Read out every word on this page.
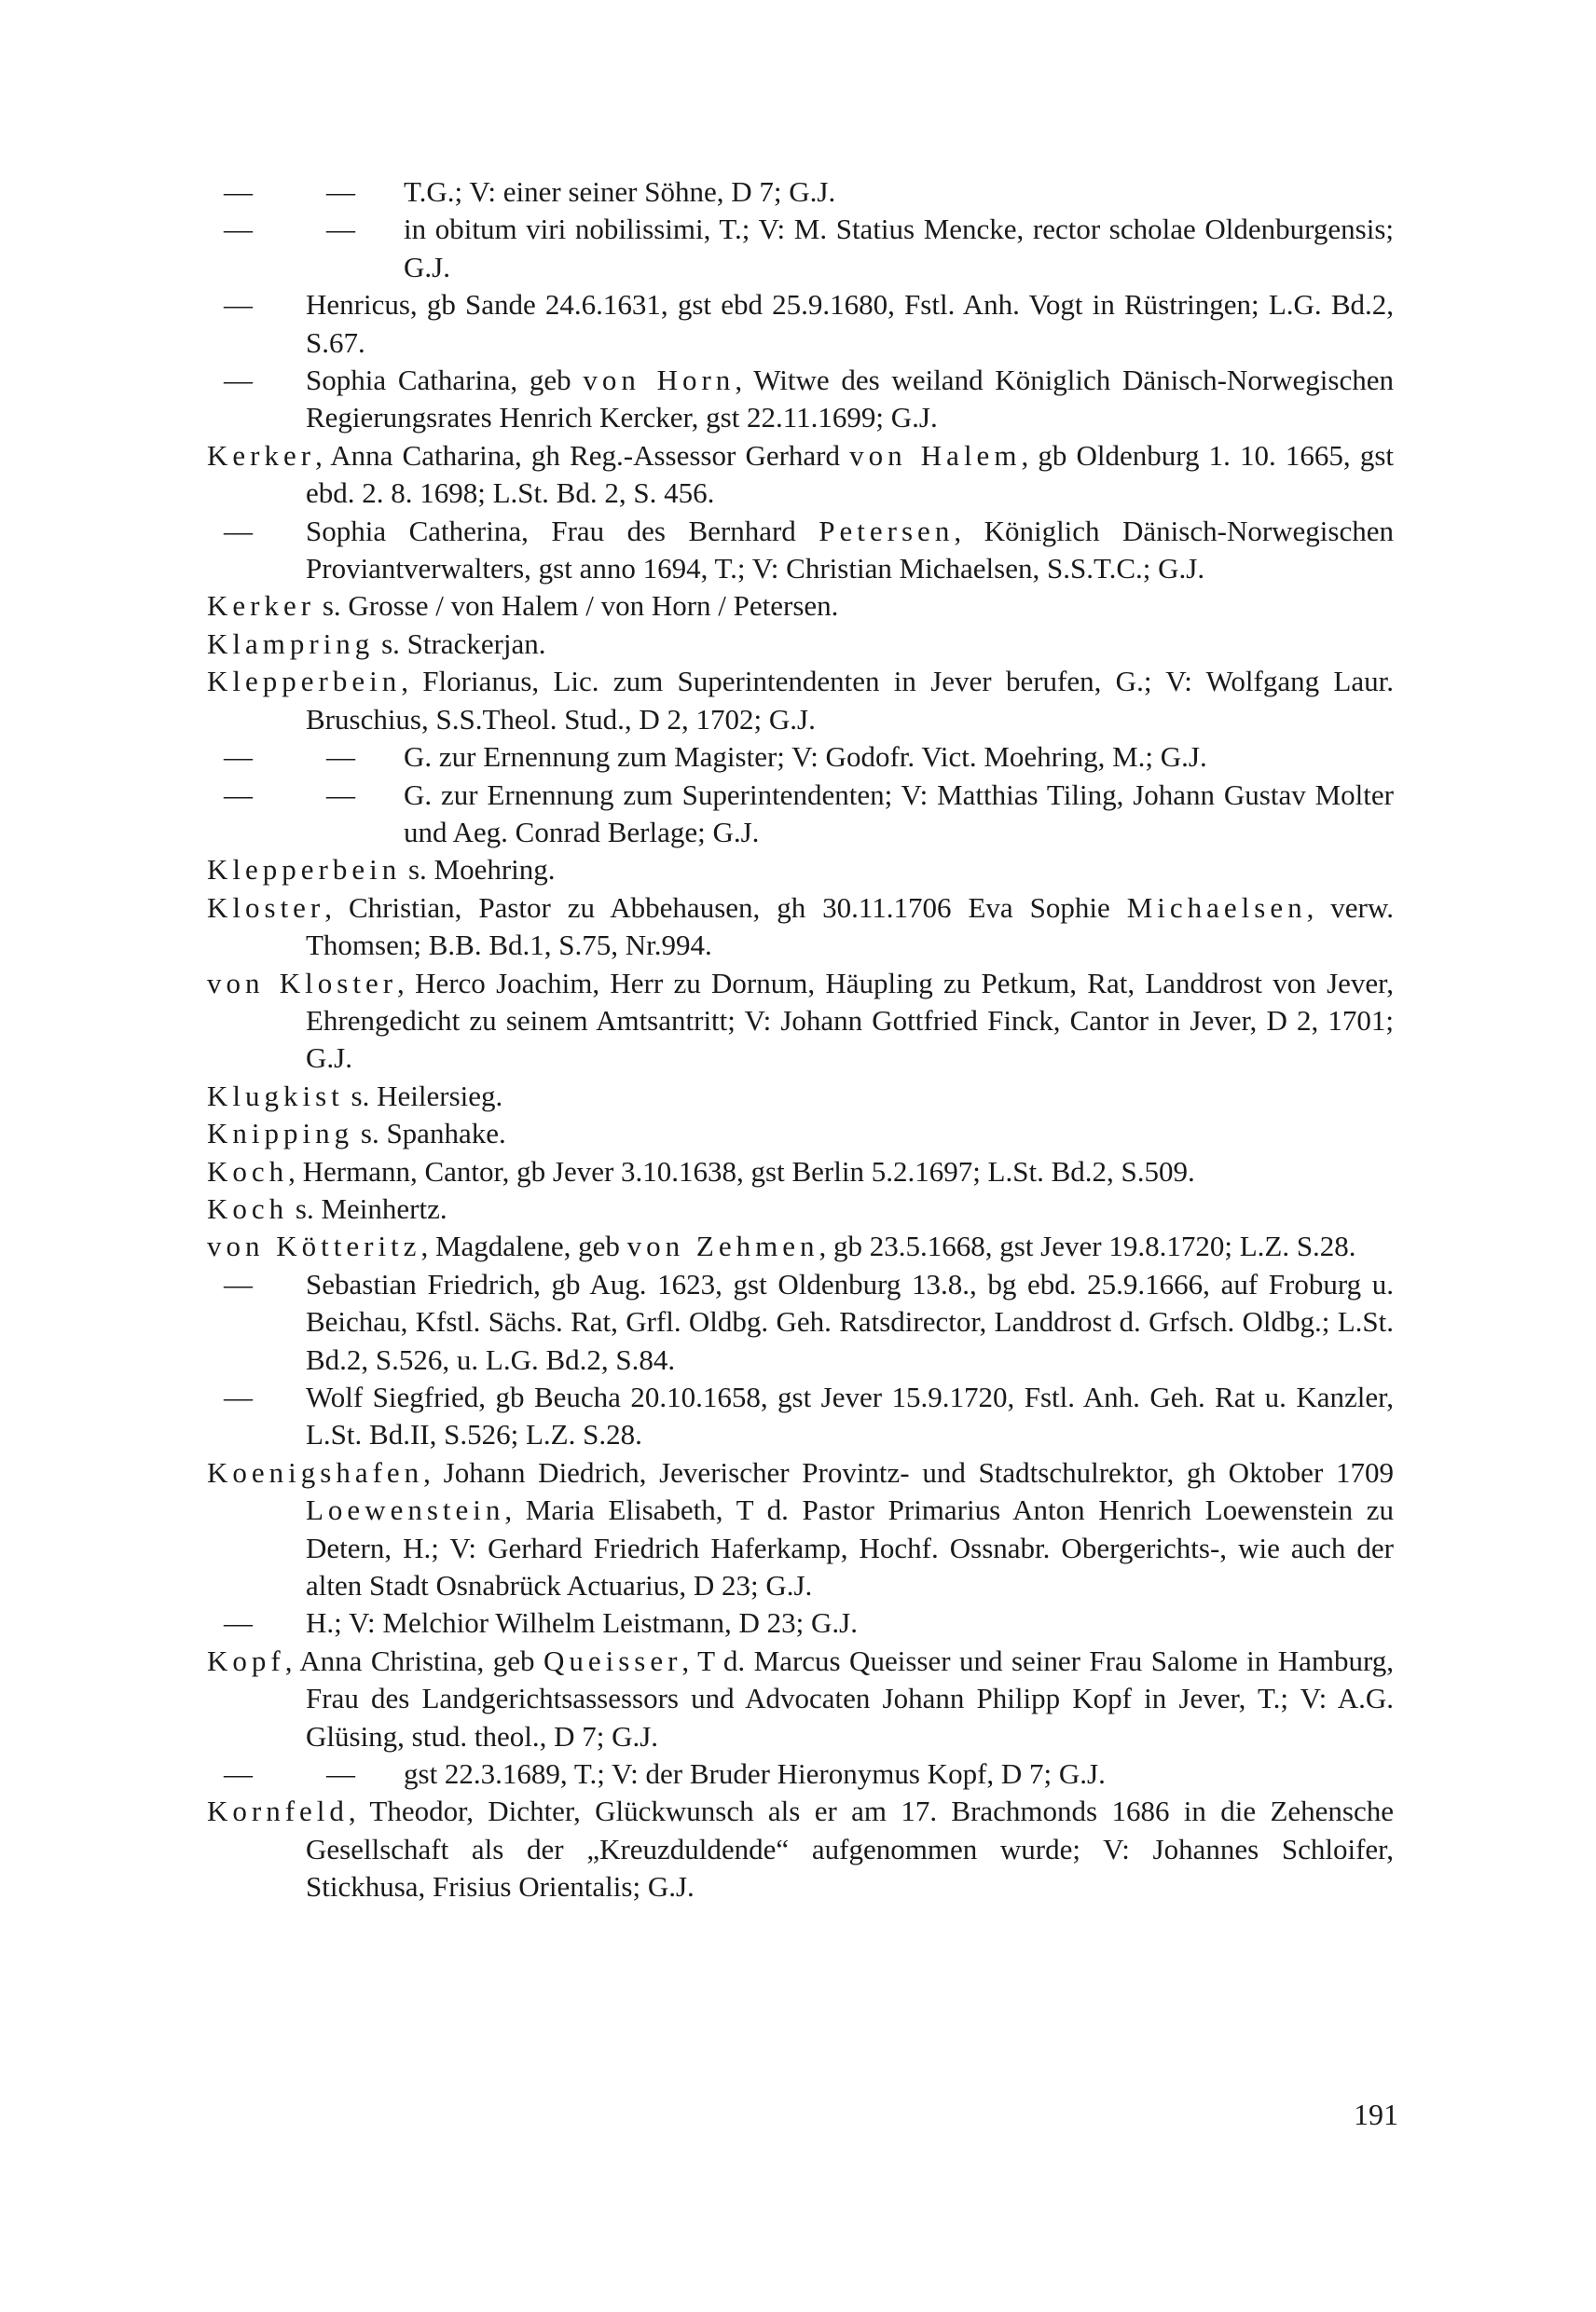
—	— T.G.; V: einer seiner Söhne, D 7; G.J.
—	— in obitum viri nobilissimi, T.; V: M. Statius Mencke, rector scholae Oldenburgensis; G.J.
— Henricus, gb Sande 24.6.1631, gst ebd 25.9.1680, Fstl. Anh. Vogt in Rüstringen; L.G. Bd.2, S.67.
— Sophia Catharina, geb von Horn, Witwe des weiland Königlich Dänisch-Norwegischen Regierungsrates Henrich Kercker, gst 22.11.1699; G.J.
Kerker, Anna Catharina, gh Reg.-Assessor Gerhard von Halem, gb Oldenburg 1. 10. 1665, gst ebd. 2. 8. 1698; L.St. Bd. 2, S. 456.
— Sophia Catherina, Frau des Bernhard Petersen, Königlich Dänisch-Norwegischen Proviantverwalters, gst anno 1694, T.; V: Christian Michaelsen, S.S.T.C.; G.J.
Kerker s. Grosse / von Halem / von Horn / Petersen.
Klampring s. Strackerjan.
Klepperbein, Florianus, Lic. zum Superintendenten in Jever berufen, G.; V: Wolfgang Laur. Bruschius, S.S.Theol. Stud., D 2, 1702; G.J.
—	— G. zur Ernennung zum Magister; V: Godofr. Vict. Moehring, M.; G.J.
—	— G. zur Ernennung zum Superintendenten; V: Matthias Tiling, Johann Gustav Molter und Aeg. Conrad Berlage; G.J.
Klepperbein s. Moehring.
Kloster, Christian, Pastor zu Abbehausen, gh 30.11.1706 Eva Sophie Michaelsen, verw. Thomsen; B.B. Bd.1, S.75, Nr.994.
von Kloster, Herco Joachim, Herr zu Dornum, Häupling zu Petkum, Rat, Landdrost von Jever, Ehrengedicht zu seinem Amtsantritt; V: Johann Gottfried Finck, Cantor in Jever, D 2, 1701; G.J.
Klugkist s. Heilersieg.
Knipping s. Spanhake.
Koch, Hermann, Cantor, gb Jever 3.10.1638, gst Berlin 5.2.1697; L.St. Bd.2, S.509.
Koch s. Meinhertz.
von Kötteritz, Magdalene, geb von Zehmen, gb 23.5.1668, gst Jever 19.8.1720; L.Z. S.28.
— Sebastian Friedrich, gb Aug. 1623, gst Oldenburg 13.8., bg ebd. 25.9.1666, auf Froburg u. Beichau, Kfstl. Sächs. Rat, Grfl. Oldbg. Geh. Ratsdirector, Landdrost d. Grfsch. Oldbg.; L.St. Bd.2, S.526, u. L.G. Bd.2, S.84.
— Wolf Siegfried, gb Beucha 20.10.1658, gst Jever 15.9.1720, Fstl. Anh. Geh. Rat u. Kanzler, L.St. Bd.II, S.526; L.Z. S.28.
Koenigshafen, Johann Diedrich, Jeverischer Provintz- und Stadtschulrektor, gh Oktober 1709 Loewenstein, Maria Elisabeth, T d. Pastor Primarius Anton Henrich Loewenstein zu Detern, H.; V: Gerhard Friedrich Haferkamp, Hochf. Ossnabr. Obergerichts-, wie auch der alten Stadt Osnabrück Actuarius, D 23; G.J.
— H.; V: Melchior Wilhelm Leistmann, D 23; G.J.
Kopf, Anna Christina, geb Queisser, T d. Marcus Queisser und seiner Frau Salome in Hamburg, Frau des Landgerichtsassessors und Advocaten Johann Philipp Kopf in Jever, T.; V: A.G. Glüsing, stud. theol., D 7; G.J.
—	— gst 22.3.1689, T.; V: der Bruder Hieronymus Kopf, D 7; G.J.
Kornfeld, Theodor, Dichter, Glückwunsch als er am 17. Brachmonds 1686 in die Zehensche Gesellschaft als der „Kreuzduldende“ aufgenommen wurde; V: Johannes Schloifer, Stickhusa, Frisius Orientalis; G.J.
191
